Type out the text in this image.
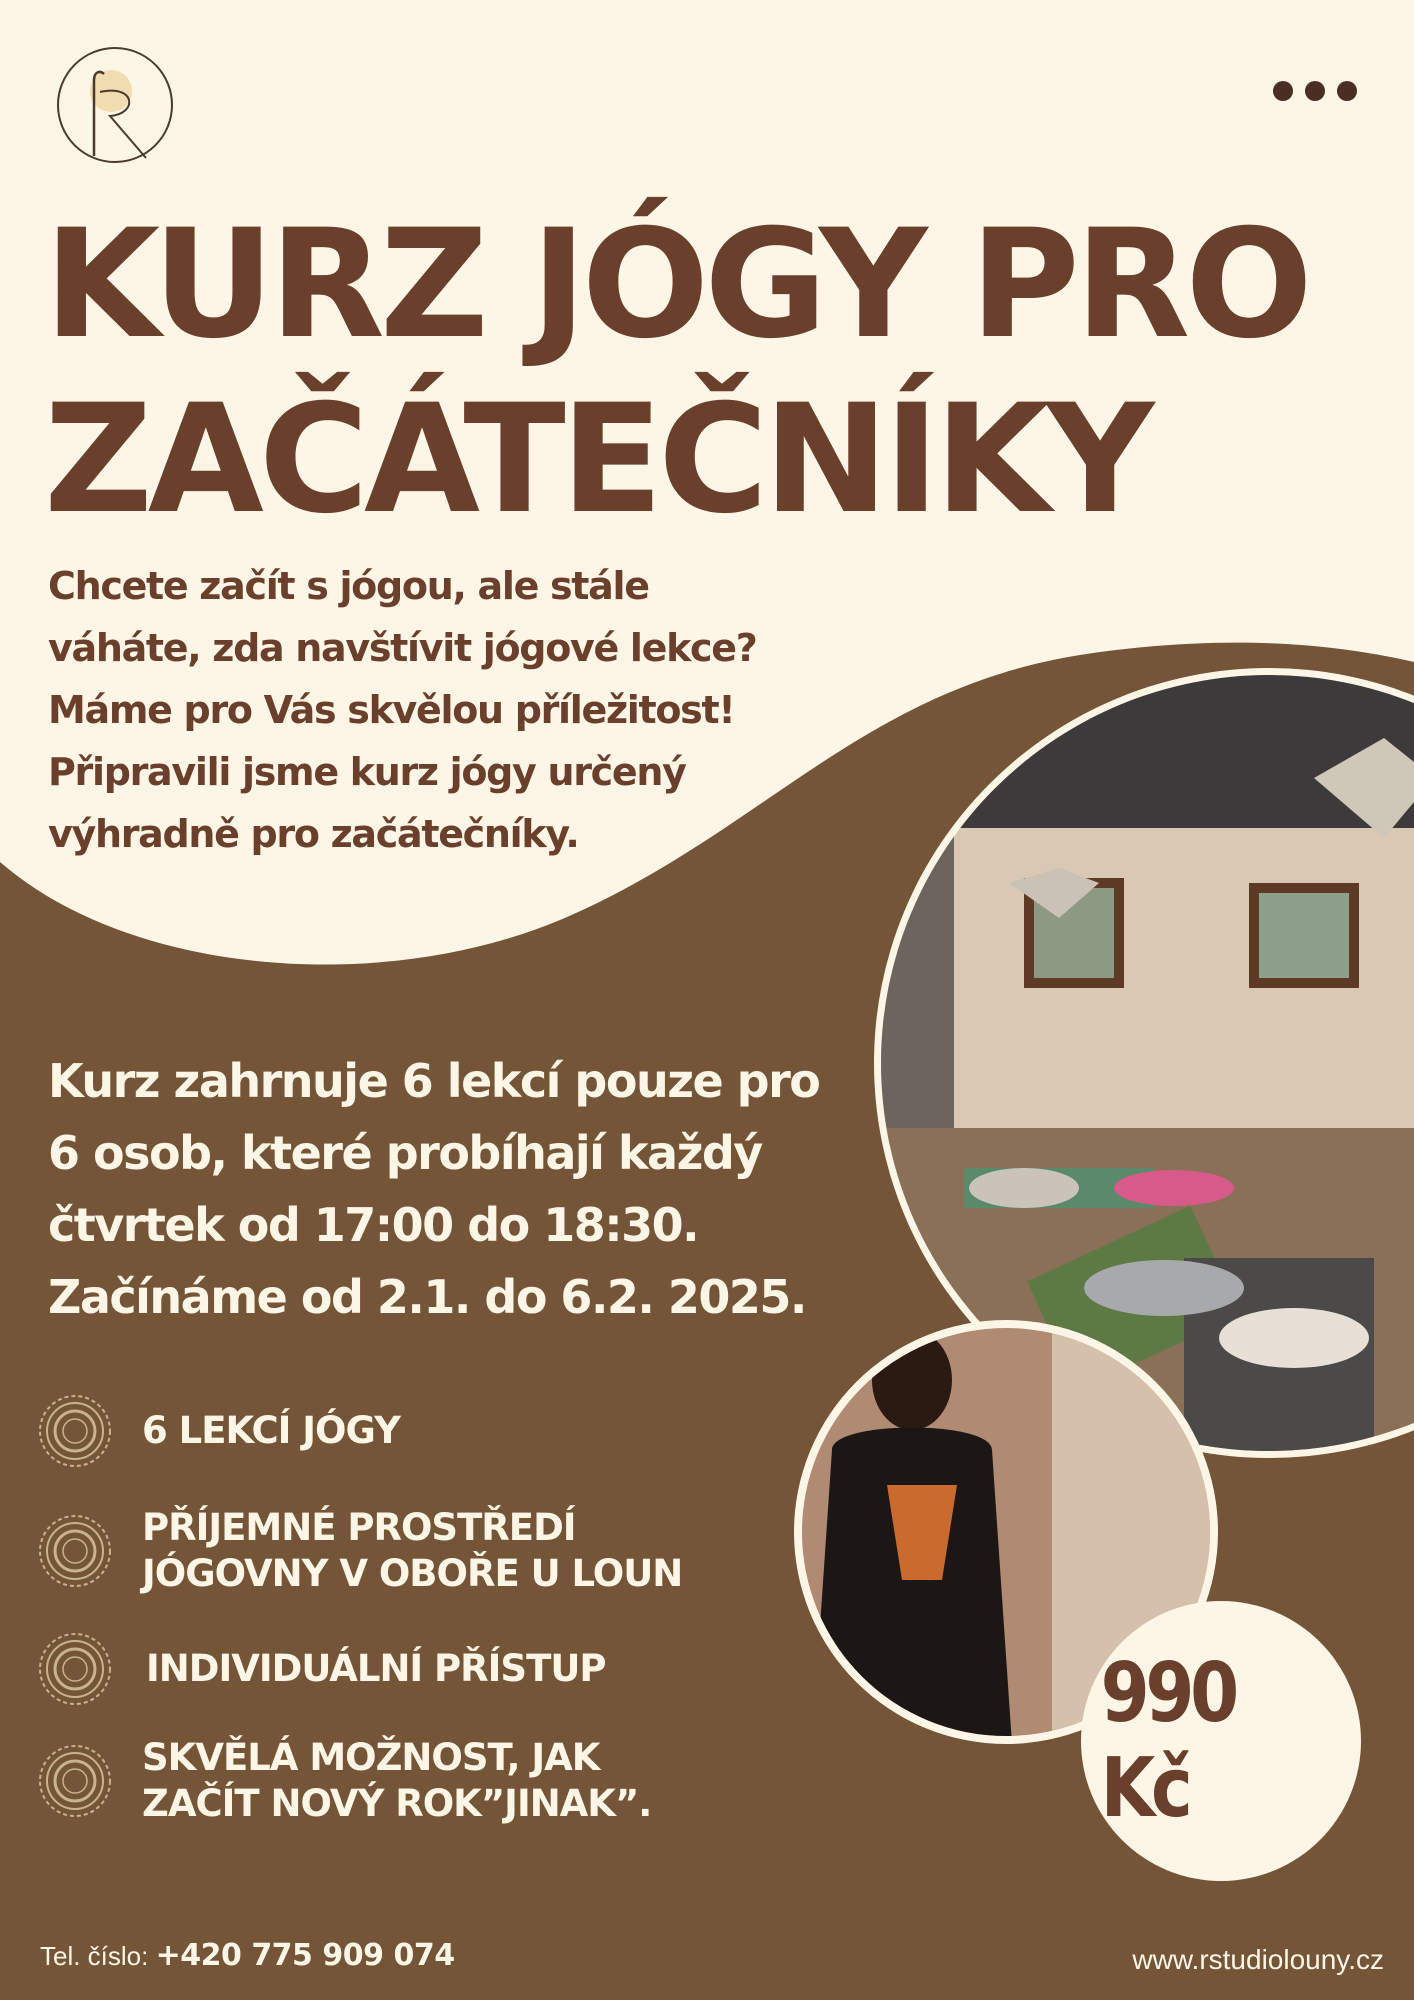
KURZ JÓGY PRO
ZAČÁTEČNÍKY
Chcete začít s jógou, ale stále
váháte, zda navštívit jógové lekce?
Máme pro Vás skvělou příležitost!
Připravili jsme kurz jógy určený
výhradně pro začátečníky.
Kurz zahrnuje 6 lekcí pouze pro
6 osob, které probíhají každý
čtvrtek od 17:00 do 18:30.
Začínáme od 2.1. do 6.2. 2025.
6 LEKCÍ JÓGY
PŘÍJEMNÉ PROSTŘEDÍ
JÓGOVNY V OBOŘE U LOUN
INDIVIDUÁLNÍ PŘÍSTUP
SKVĚLÁ MOŽNOST, JAK
ZAČÍT NOVÝ ROK”JINAK”.
990 Kč
Tel. číslo: +420 775 909 074	www.rstudiolouny.cz
